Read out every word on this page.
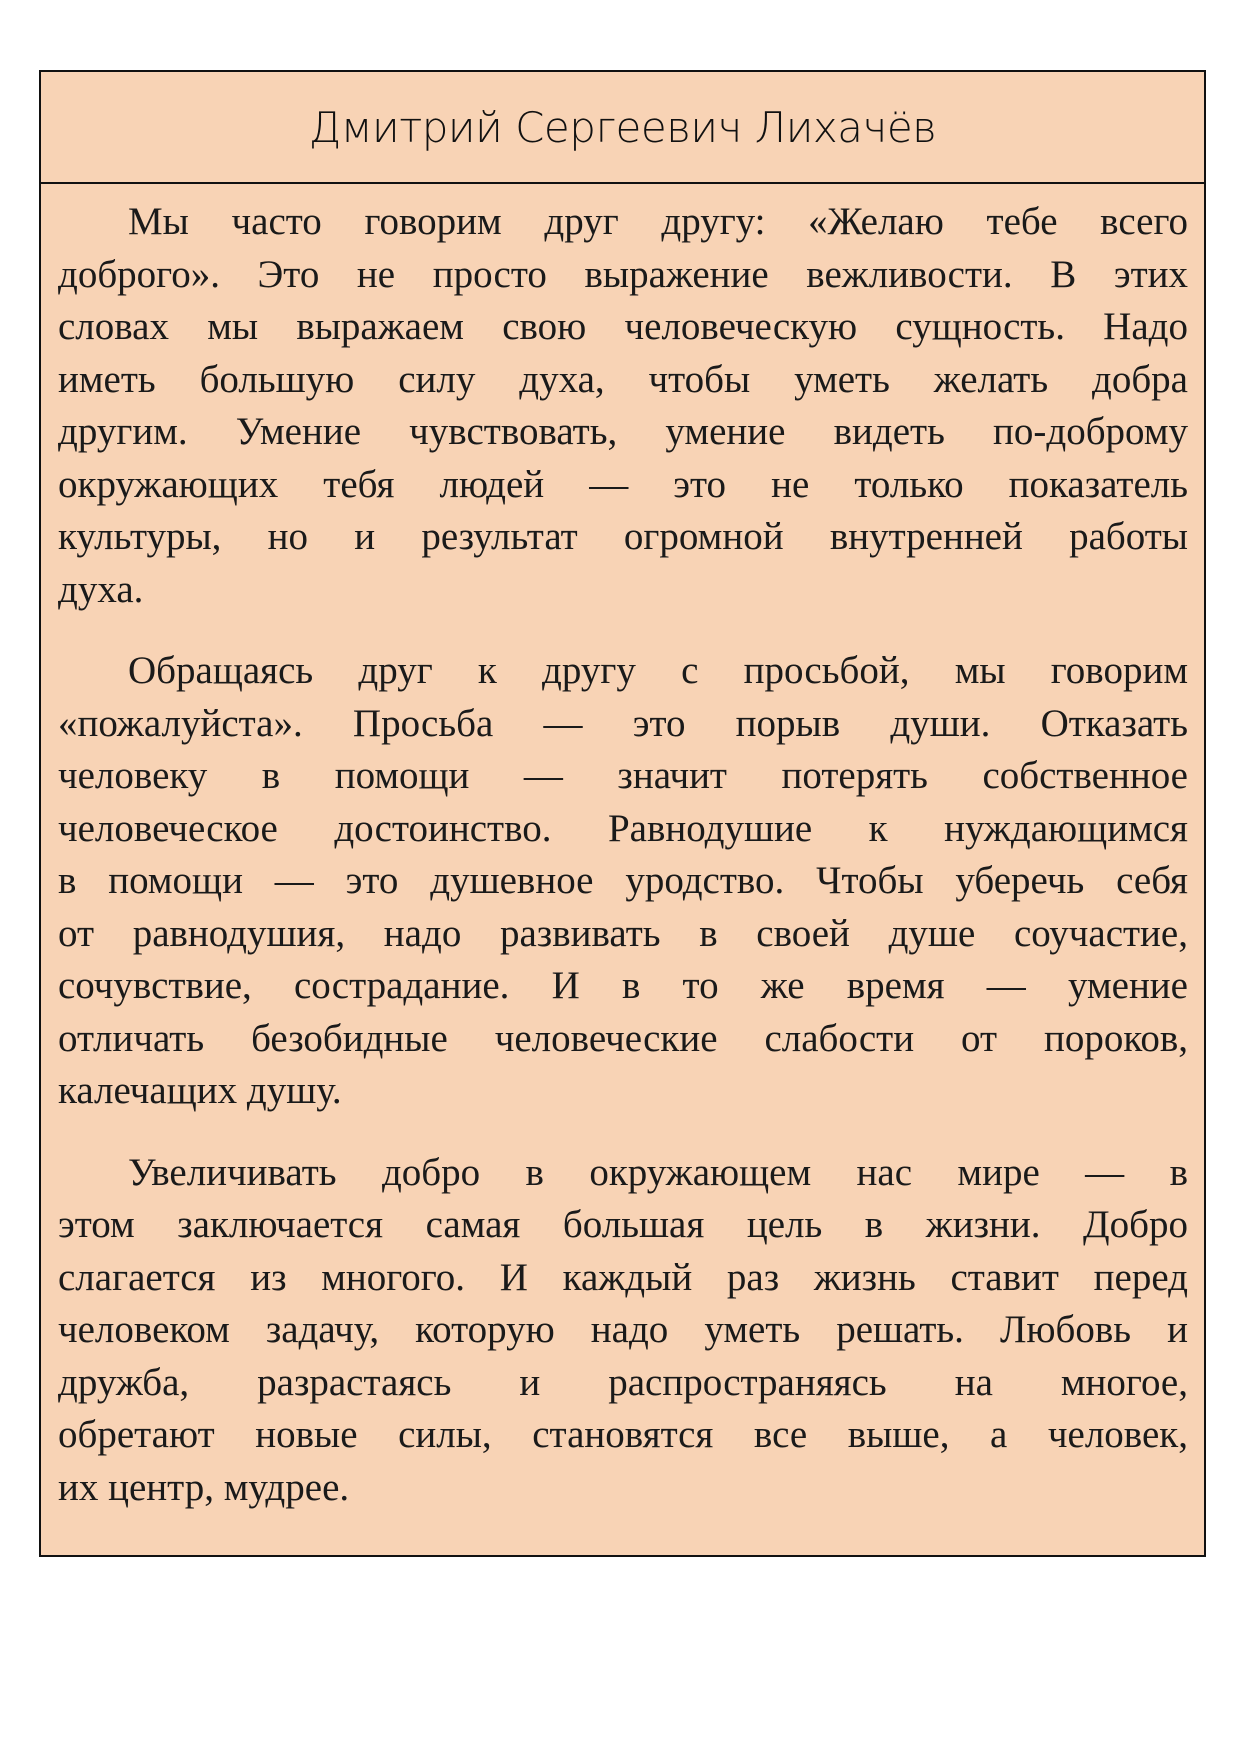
Дмитрий Сергеевич Лихачёв
Мы часто говорим друг другу: «Желаю тебе всего
доброго». Это не просто выражение вежливости. В этих
словах мы выражаем свою человеческую сущность. Надо
иметь большую силу духа, чтобы уметь желать добра
другим. Умение чувствовать, умение видеть по-доброму
окружающих тебя людей — это не только показатель
культуры, но и результат огромной внутренней работы
духа.
Обращаясь друг к другу с просьбой, мы говорим
«пожалуйста». Просьба — это порыв души. Отказать
человеку в помощи — значит потерять собственное
человеческое достоинство. Равнодушие к нуждающимся
в помощи — это душевное уродство. Чтобы уберечь себя
от равнодушия, надо развивать в своей душе соучастие,
сочувствие, сострадание. И в то же время — умение
отличать безобидные человеческие слабости от пороков,
калечащих душу.
Увеличивать добро в окружающем нас мире — в
этом заключается самая большая цель в жизни. Добро
слагается из многого. И каждый раз жизнь ставит перед
человеком задачу, которую надо уметь решать. Любовь и
дружба, разрастаясь и распространяясь на многое,
обретают новые силы, становятся все выше, а человек,
их центр, мудрее.
